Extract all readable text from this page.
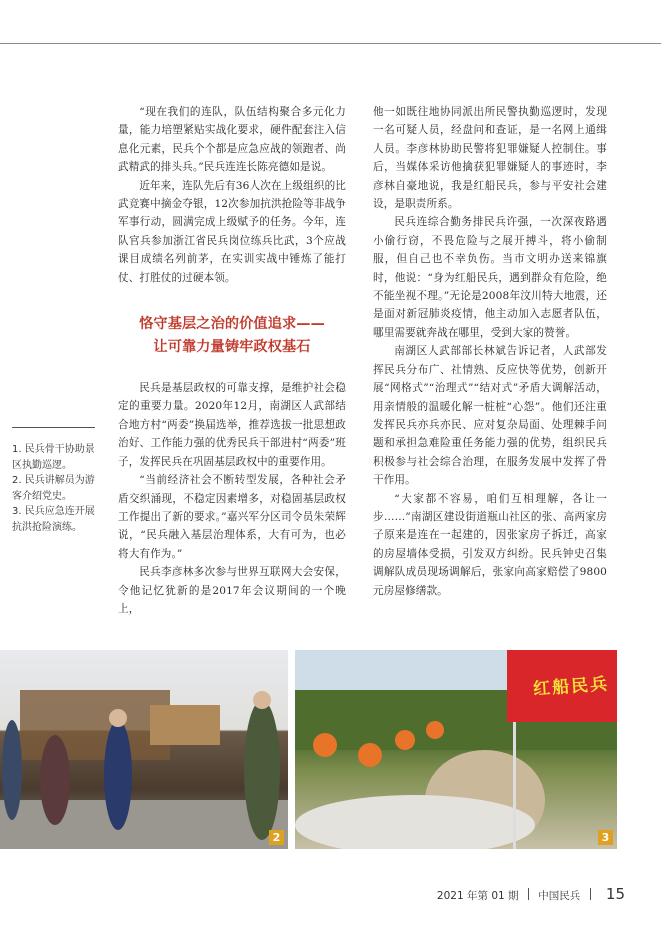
“现在我们的连队，队伍结构聚合多元化力量，能力培塑紧贴实战化要求，硬件配套注入信息化元素，民兵个个都是应急应战的领跑者、尚武精武的排头兵。”民兵连连长陈亮德如是说。

近年来，连队先后有36人次在上级组织的比武竞赛中摘金夺银，12次参加抗洪抢险等非战争军事行动，圆满完成上级赋予的任务。今年，连队官兵参加浙江省民兵岗位练兵比武，3个应战课目成绩名列前茅，在实训实战中锤炼了能打仗、打胜仗的过硬本领。

恪守基层之治的价值追求——
让可靠力量铸牢政权基石

民兵是基层政权的可靠支撑，是维护社会稳定的重要力量。2020年12月，南湖区人武部结合地方村“两委”换届选举，推荐选拔一批思想政治好、工作能力强的优秀民兵干部进村“两委”班子，发挥民兵在巩固基层政权中的重要作用。

“当前经济社会不断转型发展，各种社会矛盾交织涌现，不稳定因素增多，对稳固基层政权工作提出了新的要求。”嘉兴军分区司令员朱荣辉说，“民兵融入基层治理体系，大有可为，也必将大有作为。”

民兵李彦林多次参与世界互联网大会安保，令他记忆犹新的是2017年会议期间的一个晚上，

他一如既往地协同派出所民警执勤巡逻时，发现一名可疑人员，经盘问和查证，是一名网上通缉人员。李彦林协助民警将犯罪嫌疑人控制住。事后，当媒体采访他擒获犯罪嫌疑人的事迹时，李彦林自豪地说，我是红船民兵，参与平安社会建设，是职责所系。

民兵连综合勤务排民兵许强，一次深夜路遇小偷行窃，不畏危险与之展开搏斗，将小偷制服，但自己也不幸负伤。当市文明办送来锦旗时，他说：“身为红船民兵，遇到群众有危险，绝不能坐视不理。”无论是2008年汶川特大地震，还是面对新冠肺炎疫情，他主动加入志愿者队伍，哪里需要就奔战在哪里，受到大家的赞誉。

南湖区人武部部长林斌告诉记者，人武部发挥民兵分布广、社情熟、反应快等优势，创新开展“网格式”“治理式”“结对式”矛盾大调解活动，用亲情般的温暖化解一桩桩“心怨”。他们还注重发挥民兵亦兵亦民、应对复杂局面、处理棘手问题和承担急难险重任务能力强的优势，组织民兵积极参与社会综合治理，在服务发展中发挥了骨干作用。

“大家都不容易，咱们互相理解，各让一步……”南湖区建设街道瓶山社区的张、高两家房子原来是连在一起建的，因张家房子拆迁，高家的房屋墙体受损，引发双方纠纷。民兵钟史召集调解队成员现场调解后，张家向高家赔偿了9800元房屋修缮款。

1. 民兵骨干协助景区执勤巡逻。
2. 民兵讲解员为游客介绍党史。
3. 民兵应急连开展抗洪抢险演练。
2
红船民兵
3
2021 年第 01 期 中国民兵 15
